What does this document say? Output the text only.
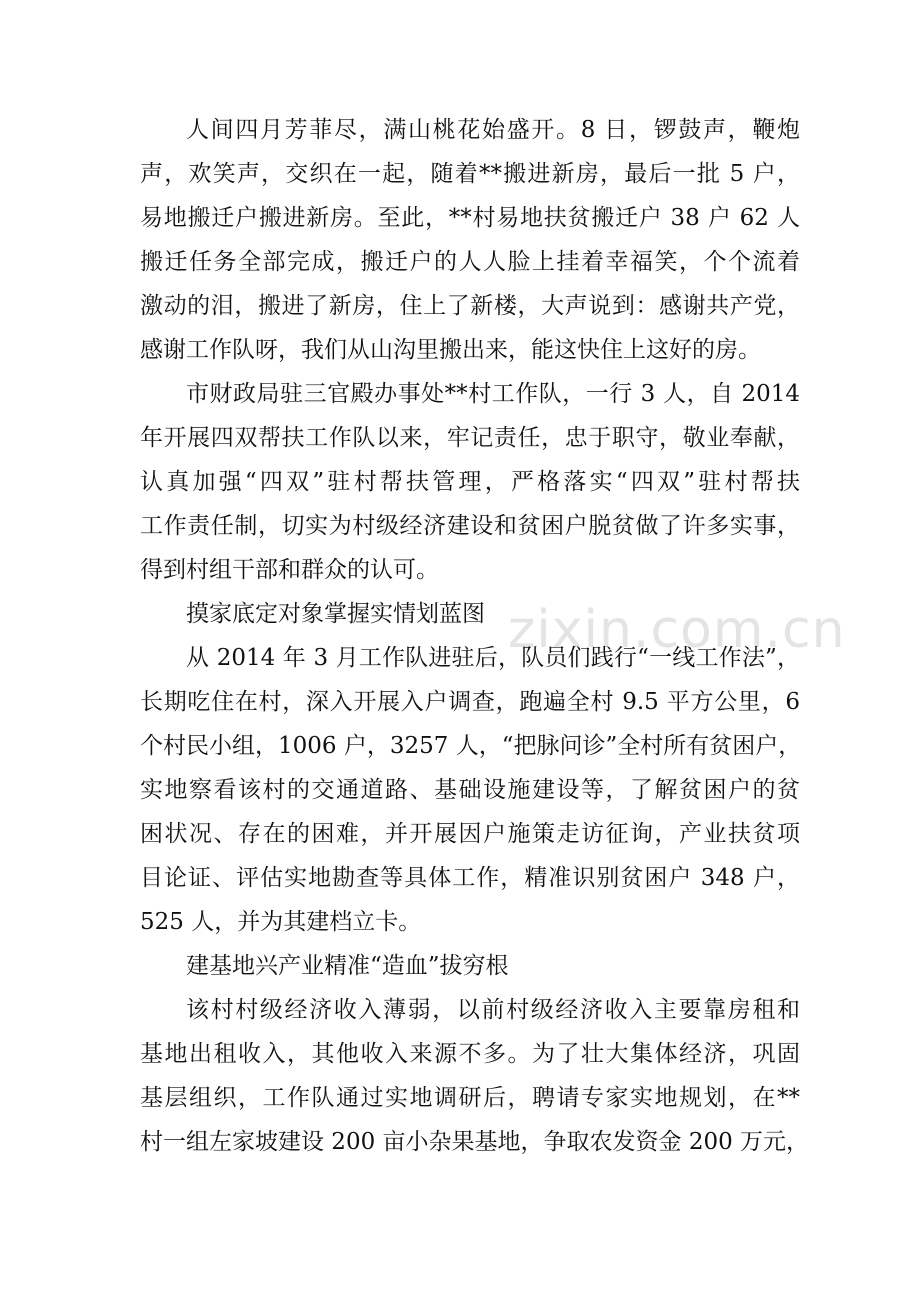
zixin.com.cn
人间四月芳菲尽，满山桃花始盛开。8 日，锣鼓声，鞭炮
声，欢笑声，交织在一起，随着**搬进新房，最后一批 5 户，
易地搬迁户搬进新房。至此，**村易地扶贫搬迁户 38 户 62 人
搬迁任务全部完成，搬迁户的人人脸上挂着幸福笑，个个流着
激动的泪，搬进了新房，住上了新楼，大声说到：感谢共产党，
感谢工作队呀，我们从山沟里搬出来，能这快住上这好的房。
市财政局驻三官殿办事处**村工作队，一行 3 人，自 2014
年开展四双帮扶工作队以来，牢记责任，忠于职守，敬业奉献，
认真加强“四双”驻村帮扶管理，严格落实“四双”驻村帮扶
工作责任制，切实为村级经济建设和贫困户脱贫做了许多实事，
得到村组干部和群众的认可。
摸家底定对象掌握实情划蓝图
从 2014 年 3 月工作队进驻后，队员们践行“一线工作法”，
长期吃住在村，深入开展入户调查，跑遍全村 9.5 平方公里，6
个村民小组，1006 户，3257 人，“把脉问诊”全村所有贫困户，
实地察看该村的交通道路、基础设施建设等，了解贫困户的贫
困状况、存在的困难，并开展因户施策走访征询，产业扶贫项
目论证、评估实地勘查等具体工作，精准识别贫困户 348 户，
525 人，并为其建档立卡。
建基地兴产业精准“造血”拔穷根
该村村级经济收入薄弱，以前村级经济收入主要靠房租和
基地出租收入，其他收入来源不多。为了壮大集体经济，巩固
基层组织，工作队通过实地调研后，聘请专家实地规划，在**
村一组左家坡建设 200 亩小杂果基地，争取农发资金 200 万元，
